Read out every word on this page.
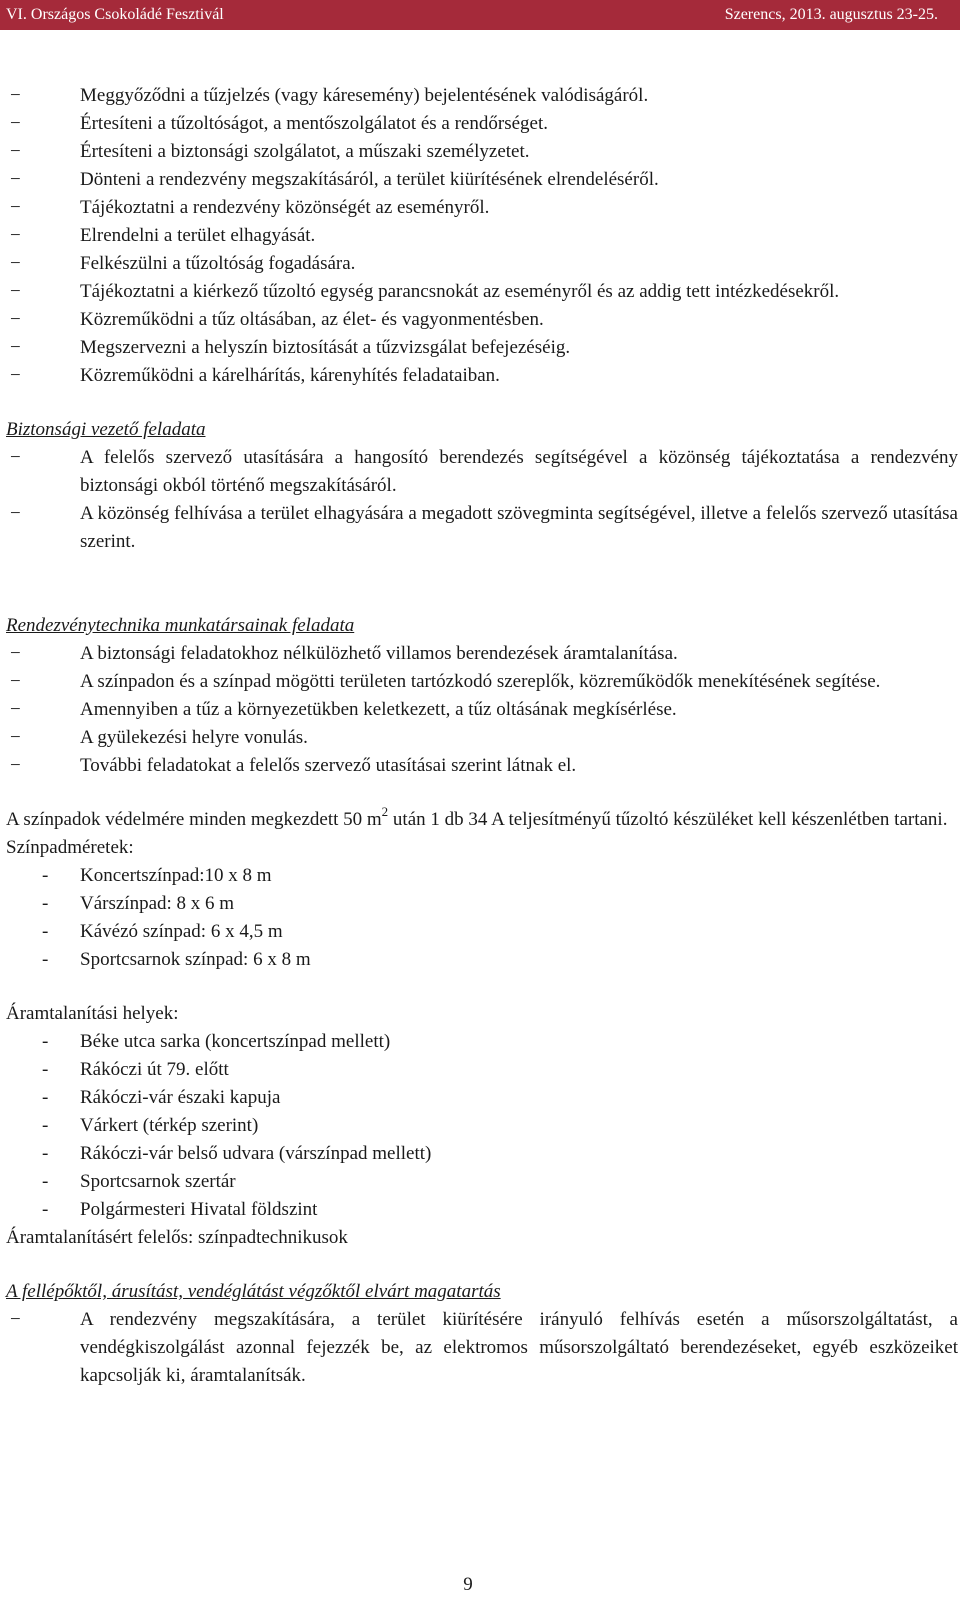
VI. Országos Csokoládé Fesztivál	Szerencs, 2013. augusztus 23-25.
− Meggyőződni a tűzjelzés (vagy káresemény) bejelentésének valódiságáról.
− Értesíteni a tűzoltóságot, a mentőszolgálatot és a rendőrséget.
− Értesíteni a biztonsági szolgálatot, a műszaki személyzetet.
− Dönteni a rendezvény megszakításáról, a terület kiürítésének elrendeléséről.
− Tájékoztatni a rendezvény közönségét az eseményről.
− Elrendelni a terület elhagyását.
− Felkészülni a tűzoltóság fogadására.
− Tájékoztatni a kiérkező tűzoltó egység parancsnokát az eseményről és az addig tett intézkedésekről.
− Közreműködni a tűz oltásában, az élet- és vagyonmentésben.
− Megszervezni a helyszín biztosítását a tűzvizsgálat befejezéséig.
− Közreműködni a kárelhárítás, kárenyhítés feladataiban.

Biztonsági vezető feladata

− A felelős szervező utasítására a hangosító berendezés segítségével a közönség tájékoztatása a rendezvény biztonsági okból történő megszakításáról.
− A közönség felhívása a terület elhagyására a megadott szövegminta segítségével, illetve a felelős szervező utasítása szerint.

Rendezvénytechnika munkatársainak feladata

− A biztonsági feladatokhoz nélkülözhető villamos berendezések áramtalanítása.
− A színpadon és a színpad mögötti területen tartózkodó szereplők, közreműködők menekítésének segítése.
− Amennyiben a tűz a környezetükben keletkezett, a tűz oltásának megkísérlése.
− A gyülekezési helyre vonulás.
− További feladatokat a felelős szervező utasításai szerint látnak el.

A színpadok védelmére minden megkezdett 50 $m^2$ után 1 db 34 A teljesítményű tűzoltó készüléket kell készenlétben tartani.

Színpadméretek:

- Koncertszínpad:10 x 8 m
- Várszínpad: 8 x 6 m
- Kávézó színpad: 6 x 4,5 m
- Sportcsarnok színpad: 6 x 8 m

Áramtalanítási helyek:

- Béke utca sarka (koncertszínpad mellett)
- Rákóczi út 79. előtt
- Rákóczi-vár északi kapuja
- Várkert (térkép szerint)
- Rákóczi-vár belső udvara (várszínpad mellett)
- Sportcsarnok szertár
- Polgármesteri Hivatal földszint

Áramtalanításért felelős: színpadtechnikusok

A fellépőktől, árusítást, vendéglátást végzőktől elvárt magatartás

− A rendezvény megszakítására, a terület kiürítésére irányuló felhívás esetén a műsorszolgáltatást, a vendégkiszolgálást azonnal fejezzék be, az elektromos műsorszolgáltató berendezéseket, egyéb eszközeiket kapcsolják ki, áramtalanítsák.
9
